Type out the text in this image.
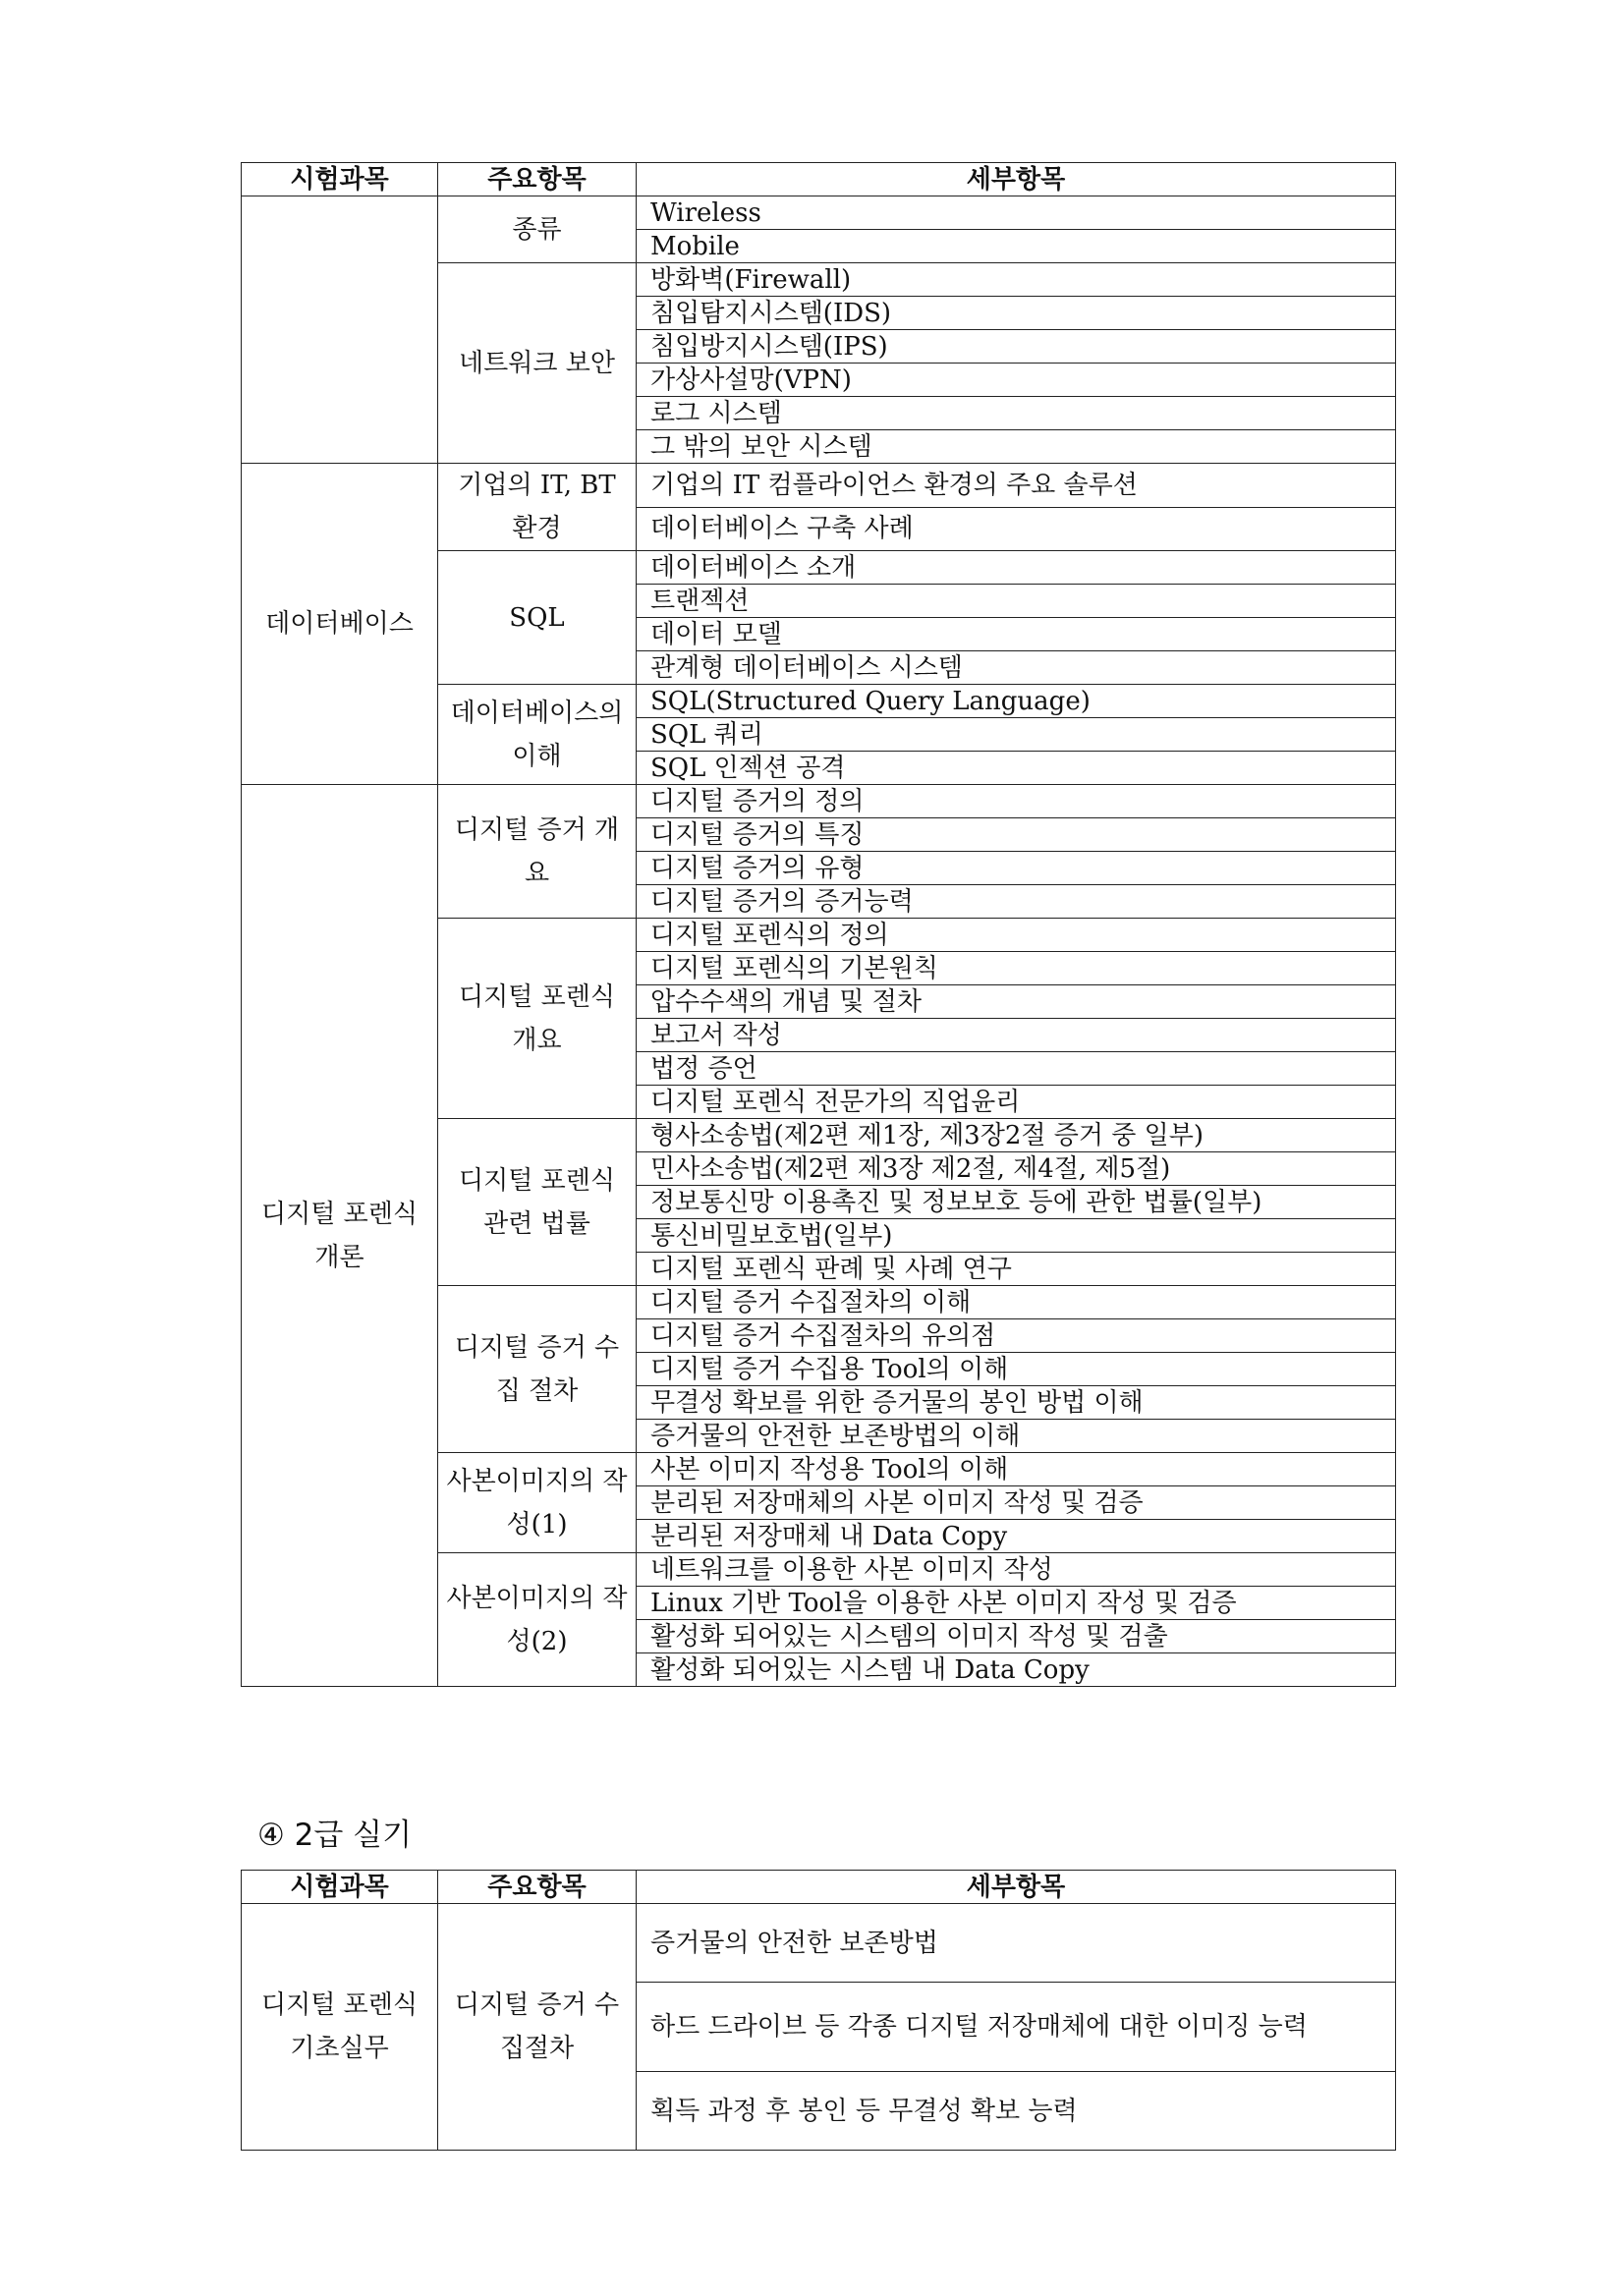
시험과목	주요항목	세부항목
	종류	Wireless
		Mobile
	네트워크 보안	방화벽(Firewall)
		침입탐지시스템(IDS)
		침입방지시스템(IPS)
		가상사설망(VPN)
		로그 시스템
		그 밖의 보안 시스템
데이터베이스	기업의 IT, BT 환경	기업의 IT 컴플라이언스 환경의 주요 솔루션
		데이터베이스 구축 사례
	SQL	데이터베이스 소개
		트랜젝션
		데이터 모델
		관계형 데이터베이스 시스템
	데이터베이스의 이해	SQL(Structured Query Language)
		SQL 쿼리
		SQL 인젝션 공격
디지털 포렌식 개론	디지털 증거 개요	디지털 증거의 정의
		디지털 증거의 특징
		디지털 증거의 유형
		디지털 증거의 증거능력
	디지털 포렌식 개요	디지털 포렌식의 정의
		디지털 포렌식의 기본원칙
		압수수색의 개념 및 절차
		보고서 작성
		법정 증언
		디지털 포렌식 전문가의 직업윤리
	디지털 포렌식 관련 법률	형사소송법(제2편 제1장, 제3장2절 증거 중 일부)
		민사소송법(제2편 제3장 제2절, 제4절, 제5절)
		정보통신망 이용촉진 및 정보보호 등에 관한 법률(일부)
		통신비밀보호법(일부)
		디지털 포렌식 판례 및 사례 연구
	디지털 증거 수집 절차	디지털 증거 수집절차의 이해
		디지털 증거 수집절차의 유의점
		디지털 증거 수집용 Tool의 이해
		무결성 확보를 위한 증거물의 봉인 방법 이해
		증거물의 안전한 보존방법의 이해
	사본이미지의 작성(1)	사본 이미지 작성용 Tool의 이해
		분리된 저장매체의 사본 이미지 작성 및 검증
		분리된 저장매체 내 Data Copy
	사본이미지의 작성(2)	네트워크를 이용한 사본 이미지 작성
		Linux 기반 Tool을 이용한 사본 이미지 작성 및 검증
		활성화 되어있는 시스템의 이미지 작성 및 검출
		활성화 되어있는 시스템 내 Data Copy
④ 2급 실기
시험과목	주요항목	세부항목
디지털 포렌식 기초실무	디지털 증거 수집절차	증거물의 안전한 보존방법
		하드 드라이브 등 각종 디지털 저장매체에 대한 이미징 능력
		획득 과정 후 봉인 등 무결성 확보 능력
